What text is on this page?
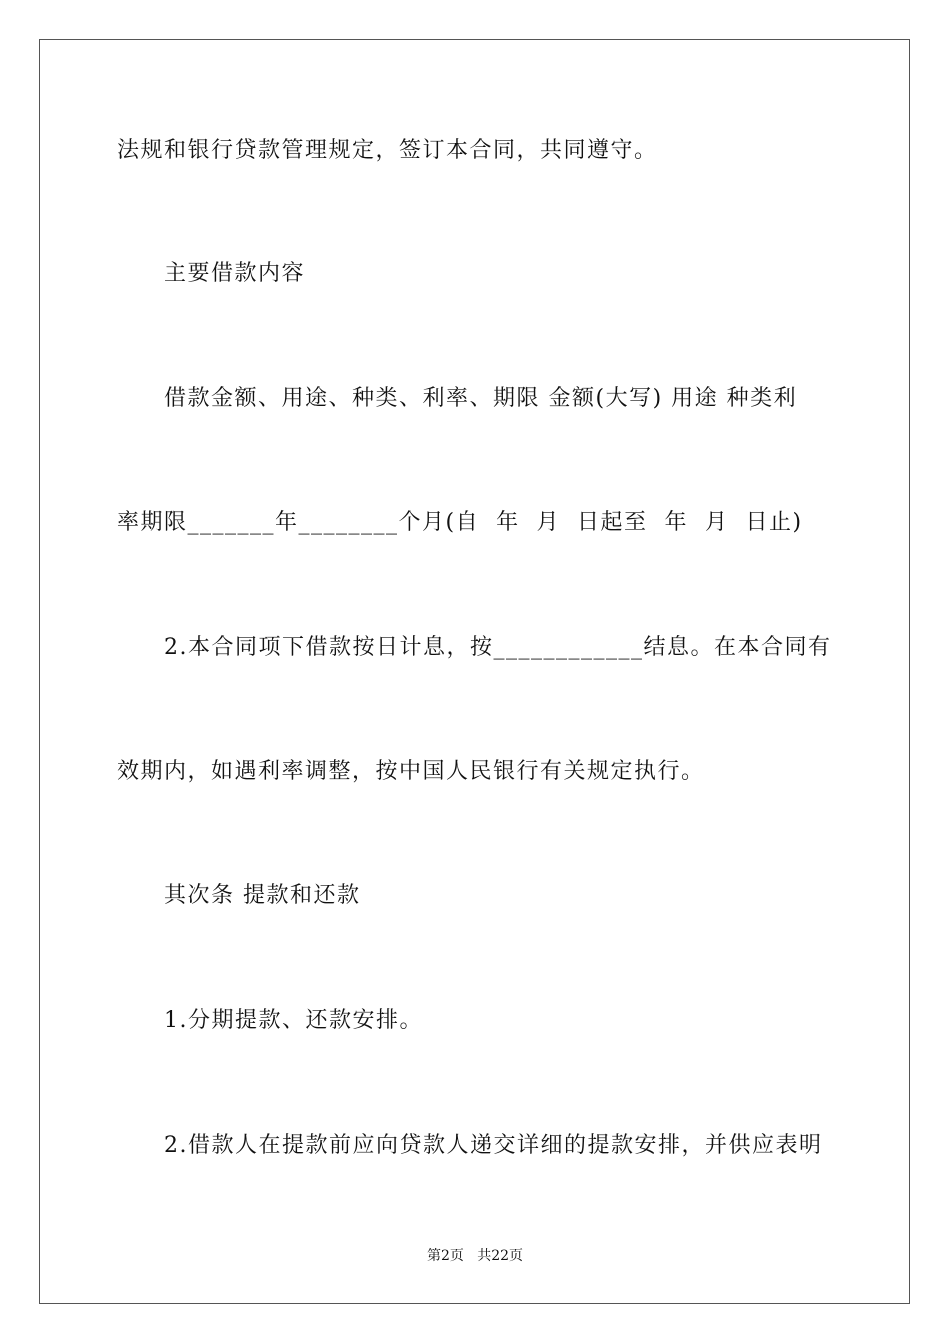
法规和银行贷款管理规定，签订本合同，共同遵守。
主要借款内容
借款金额、用途、种类、利率、期限 金额(大写) 用途 种类利
率期限_______年________个月(自  年  月  日起至  年  月  日止)
2.本合同项下借款按日计息，按____________结息。在本合同有
效期内，如遇利率调整，按中国人民银行有关规定执行。
其次条 提款和还款
1.分期提款、还款安排。
2.借款人在提款前应向贷款人递交详细的提款安排，并供应表明
第2页   共22页
